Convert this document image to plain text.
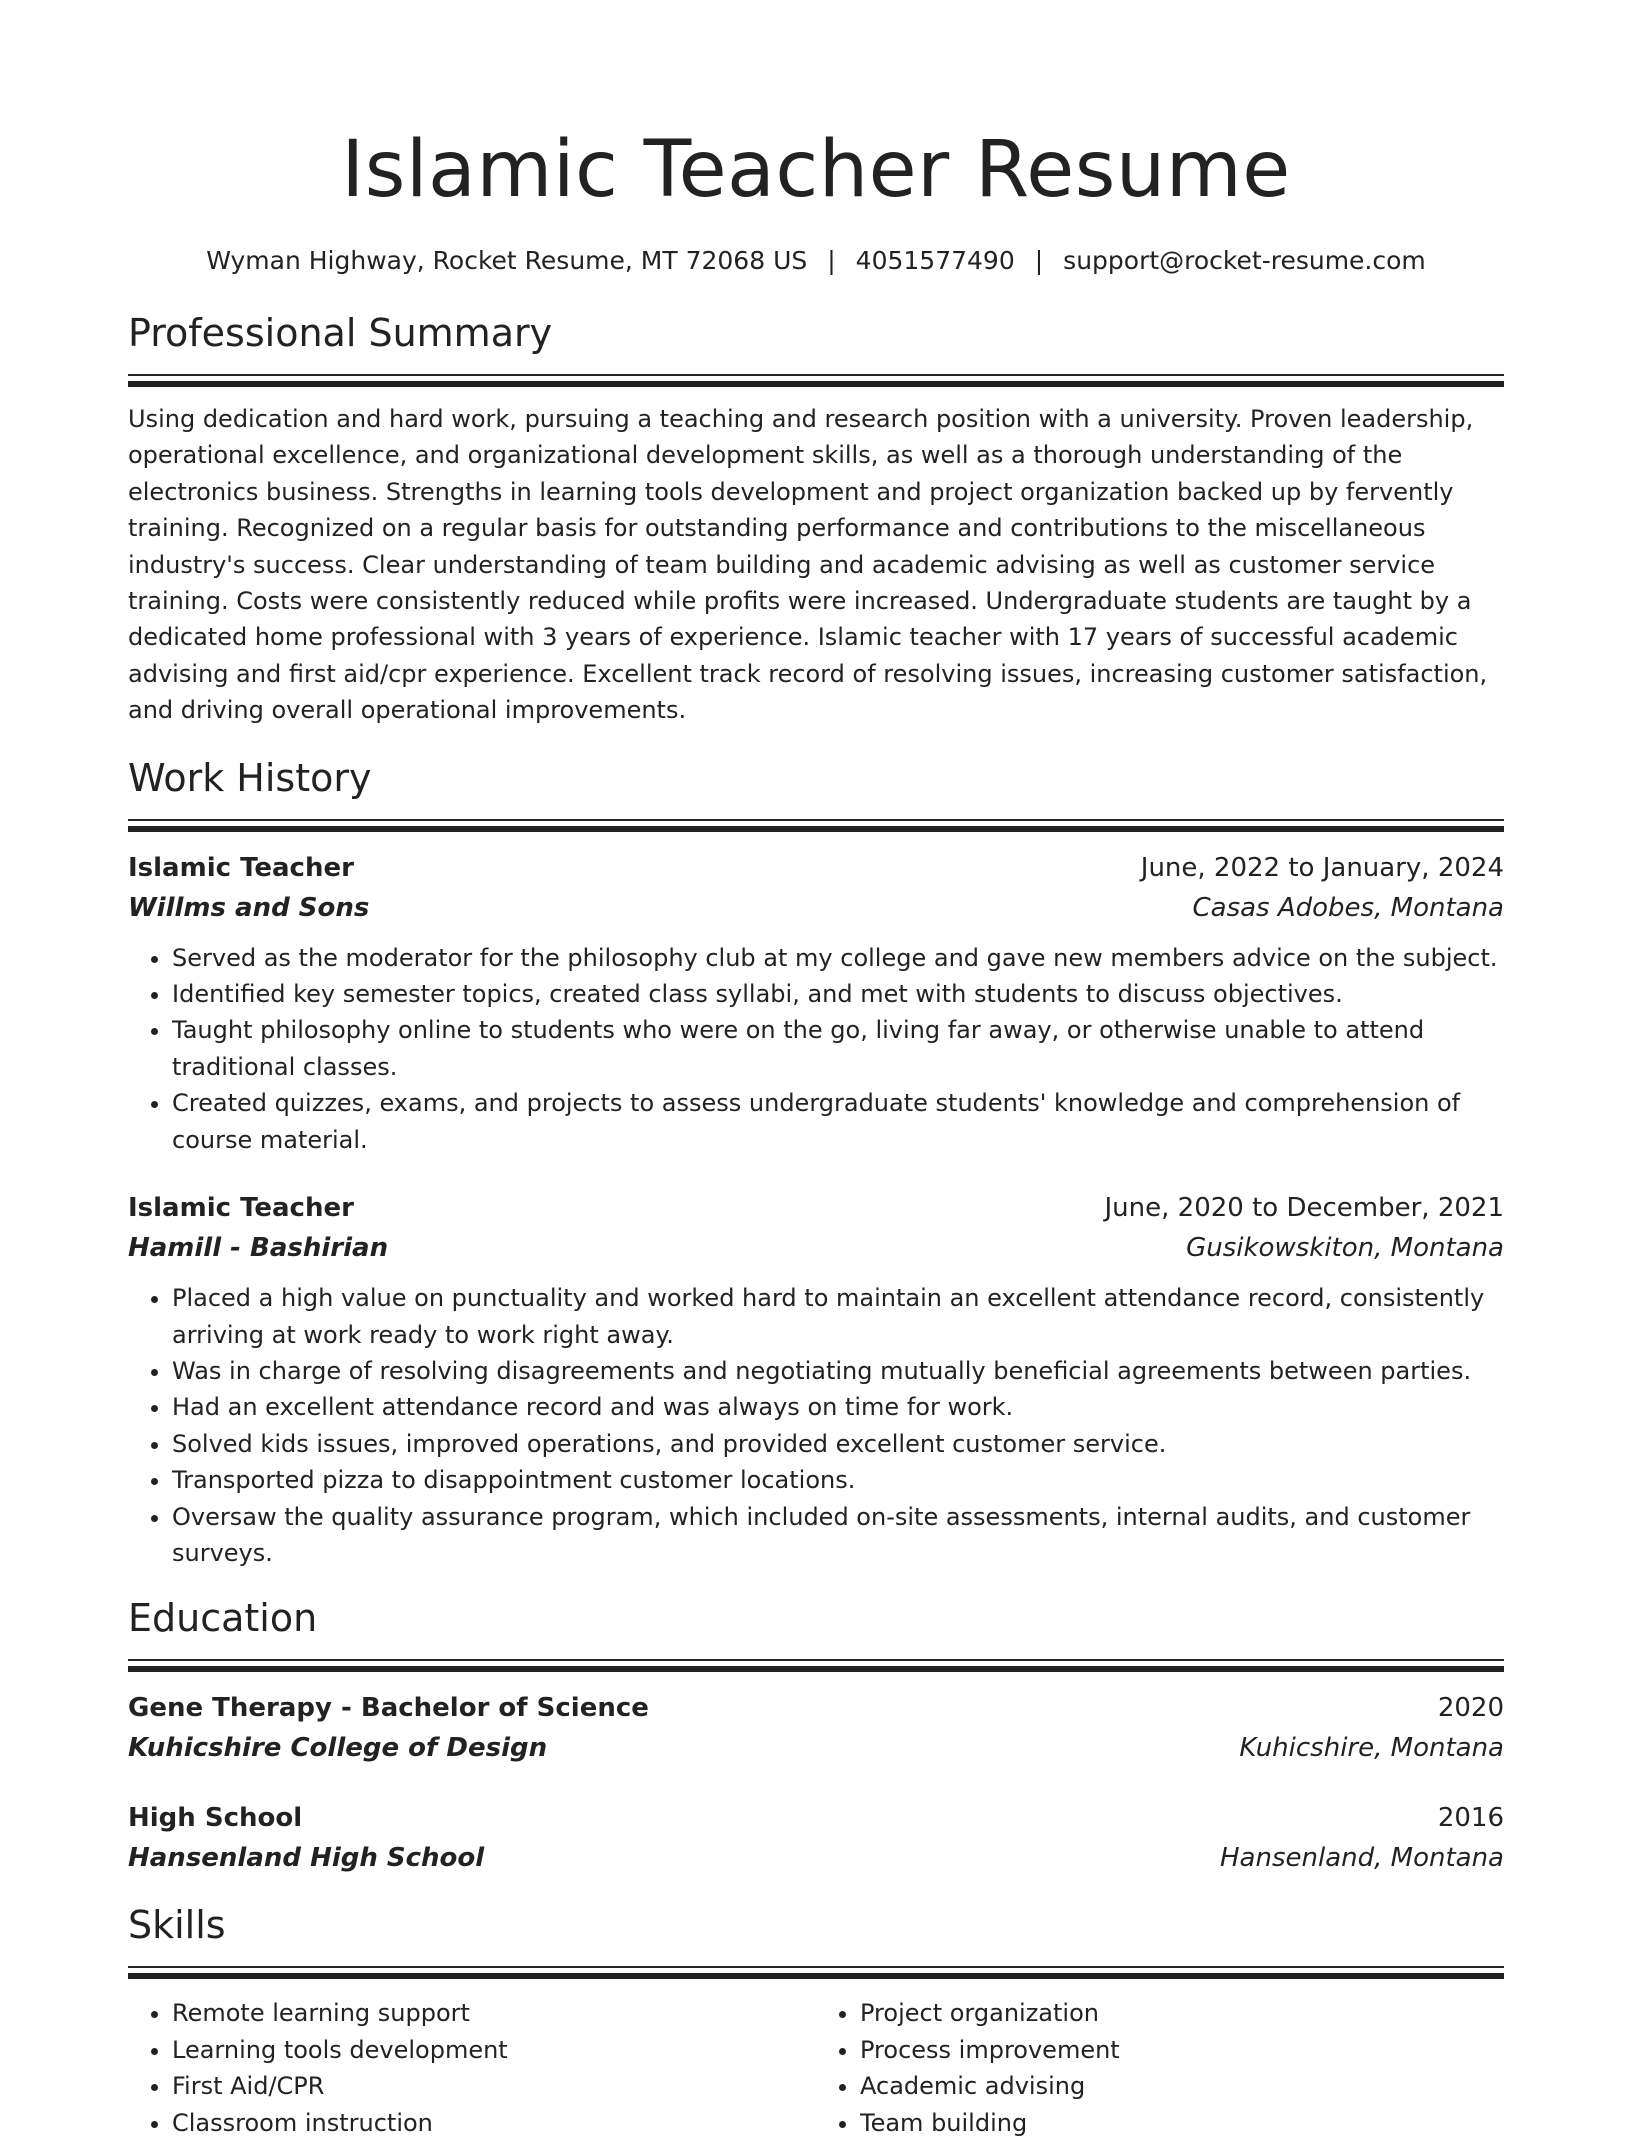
Islamic Teacher Resume
Wyman Highway, Rocket Resume, MT 72068 US | 4051577490 | support@rocket-resume.com
Professional Summary
Using dedication and hard work, pursuing a teaching and research position with a university. Proven leadership, operational excellence, and organizational development skills, as well as a thorough understanding of the electronics business. Strengths in learning tools development and project organization backed up by fervently training. Recognized on a regular basis for outstanding performance and contributions to the miscellaneous industry's success. Clear understanding of team building and academic advising as well as customer service training. Costs were consistently reduced while profits were increased. Undergraduate students are taught by a dedicated home professional with 3 years of experience. Islamic teacher with 17 years of successful academic advising and first aid/cpr experience. Excellent track record of resolving issues, increasing customer satisfaction, and driving overall operational improvements.
Work History
Islamic Teacher	June, 2022 to January, 2024
Willms and Sons	Casas Adobes, Montana
• Served as the moderator for the philosophy club at my college and gave new members advice on the subject.
• Identified key semester topics, created class syllabi, and met with students to discuss objectives.
• Taught philosophy online to students who were on the go, living far away, or otherwise unable to attend traditional classes.
• Created quizzes, exams, and projects to assess undergraduate students' knowledge and comprehension of course material.
Islamic Teacher	June, 2020 to December, 2021
Hamill - Bashirian	Gusikowskiton, Montana
• Placed a high value on punctuality and worked hard to maintain an excellent attendance record, consistently arriving at work ready to work right away.
• Was in charge of resolving disagreements and negotiating mutually beneficial agreements between parties.
• Had an excellent attendance record and was always on time for work.
• Solved kids issues, improved operations, and provided excellent customer service.
• Transported pizza to disappointment customer locations.
• Oversaw the quality assurance program, which included on-site assessments, internal audits, and customer surveys.
Education
Gene Therapy - Bachelor of Science	2020
Kuhicshire College of Design	Kuhicshire, Montana
High School	2016
Hansenland High School	Hansenland, Montana
Skills
• Remote learning support
• Learning tools development
• First Aid/CPR
• Classroom instruction
• Project organization
• Process improvement
• Academic advising
• Team building
